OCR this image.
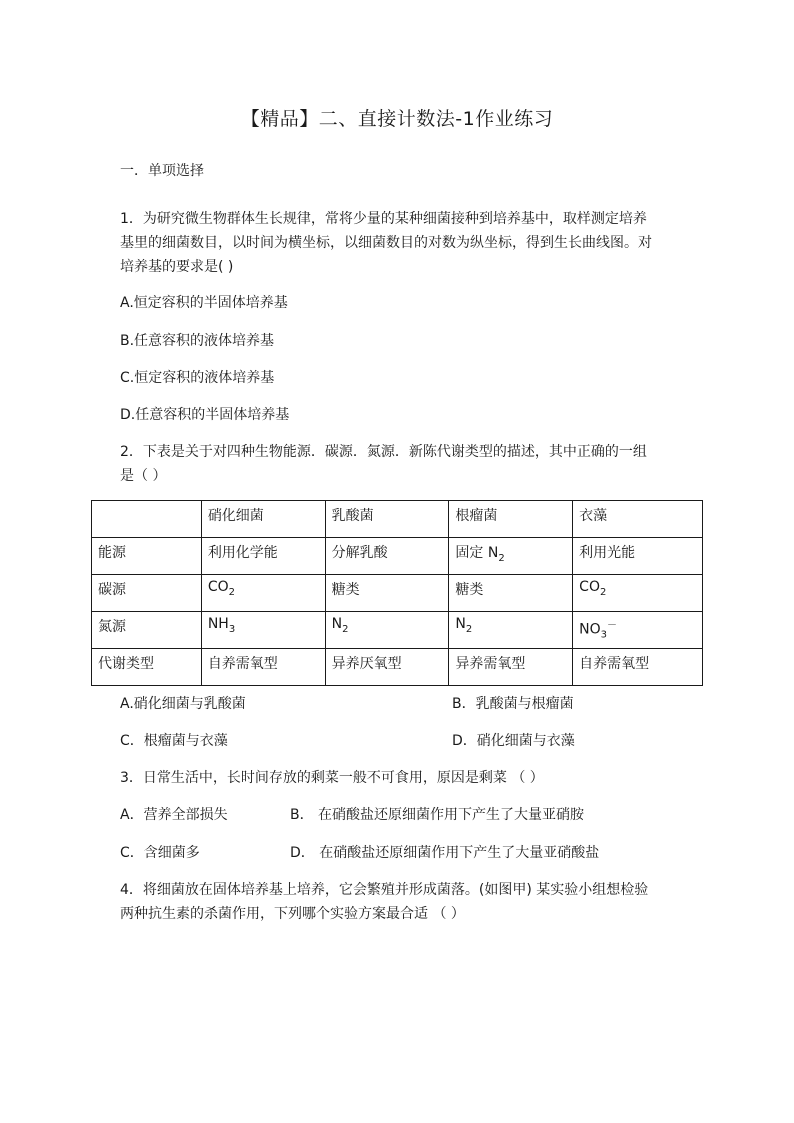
【精品】二、直接计数法-1作业练习
一．单项选择
1．为研究微生物群体生长规律，常将少量的某种细菌接种到培养基中，取样测定培养
基里的细菌数目，以时间为横坐标，以细菌数目的对数为纵坐标，得到生长曲线图。对
培养基的要求是( )
A.恒定容积的半固体培养基
B.任意容积的液体培养基
C.恒定容积的液体培养基
D.任意容积的半固体培养基
2．下表是关于对四种生物能源．碳源．氮源．新陈代谢类型的描述，其中正确的一组
是（ ）
	硝化细菌	乳酸菌	根瘤菌	衣藻
能源	利用化学能	分解乳酸	固定 $N_2$	利用光能
碳源	$CO_2$	糖类	糖类	$CO_2$
氮源	$NH_3$	$N_2$	$N_2$	$NO_3^-$
代谢类型	自养需氧型	异养厌氧型	异养需氧型	自养需氧型
A.硝化细菌与乳酸菌	B．乳酸菌与根瘤菌
C．根瘤菌与衣藻	D．硝化细菌与衣藻
3．日常生活中，长时间存放的剩菜一般不可食用，原因是剩菜 （ ）
A．营养全部损失	B． 在硝酸盐还原细菌作用下产生了大量亚硝胺
C．含细菌多	D． 在硝酸盐还原细菌作用下产生了大量亚硝酸盐
4．将细菌放在固体培养基上培养，它会繁殖并形成菌落。(如图甲) 某实验小组想检验
两种抗生素的杀菌作用，下列哪个实验方案最合适 （ ）
